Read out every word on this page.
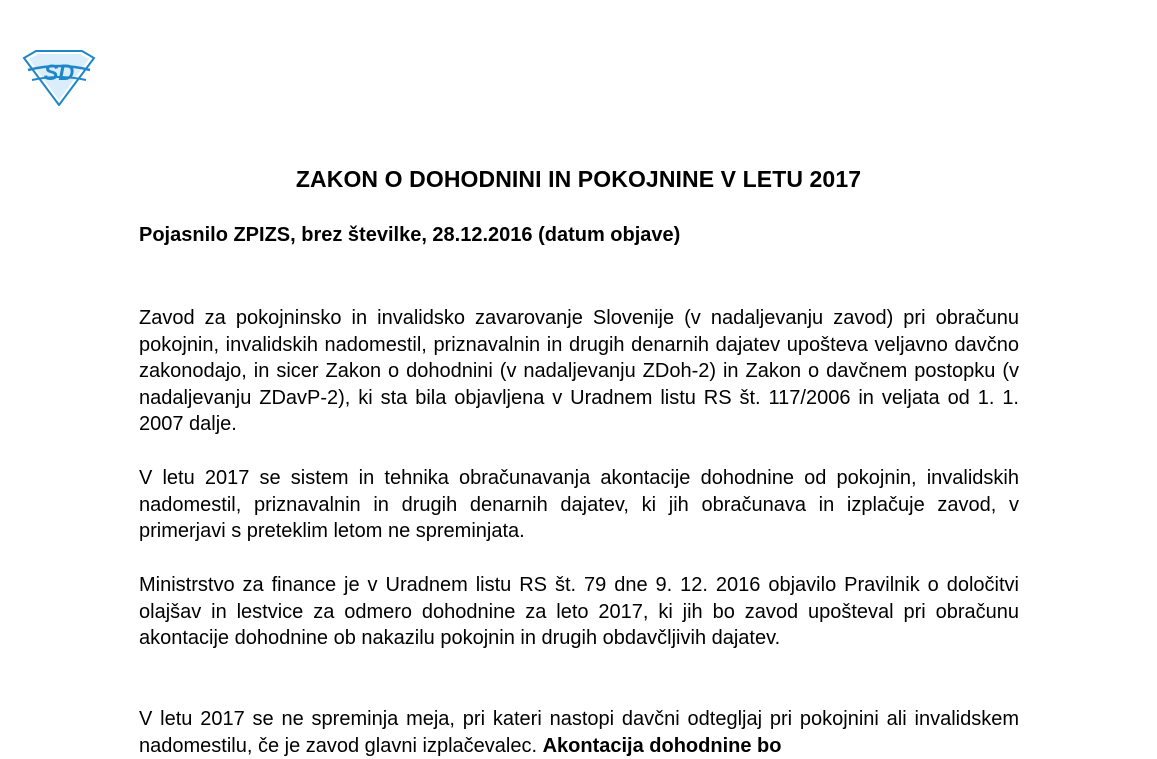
SD
ZAKON O DOHODNINI IN POKOJNINE V LETU 2017
Pojasnilo ZPIZS, brez številke, 28.12.2016 (datum objave)

Zavod za pokojninsko in invalidsko zavarovanje Slovenije (v nadaljevanju zavod) pri obračunu pokojnin, invalidskih nadomestil, priznavalnin in drugih denarnih dajatev upošteva veljavno davčno zakonodajo, in sicer Zakon o dohodnini (v nadaljevanju ZDoh-2) in Zakon o davčnem postopku (v nadaljevanju ZDavP-2), ki sta bila objavljena v Uradnem listu RS št. 117/2006 in veljata od 1. 1. 2007 dalje.

V letu 2017 se sistem in tehnika obračunavanja akontacije dohodnine od pokojnin, invalidskih nadomestil, priznavalnin in drugih denarnih dajatev, ki jih obračunava in izplačuje zavod, v primerjavi s preteklim letom ne spreminjata.

Ministrstvo za finance je v Uradnem listu RS št. 79 dne 9. 12. 2016 objavilo Pravilnik o določitvi olajšav in lestvice za odmero dohodnine za leto 2017, ki jih bo zavod upošteval pri obračunu akontacije dohodnine ob nakazilu pokojnin in drugih obdavčljivih dajatev.

V letu 2017 se ne spreminja meja, pri kateri nastopi davčni odtegljaj pri pokojnini ali invalidskem nadomestilu, če je zavod glavni izplačevalec. Akontacija dohodnine bo
